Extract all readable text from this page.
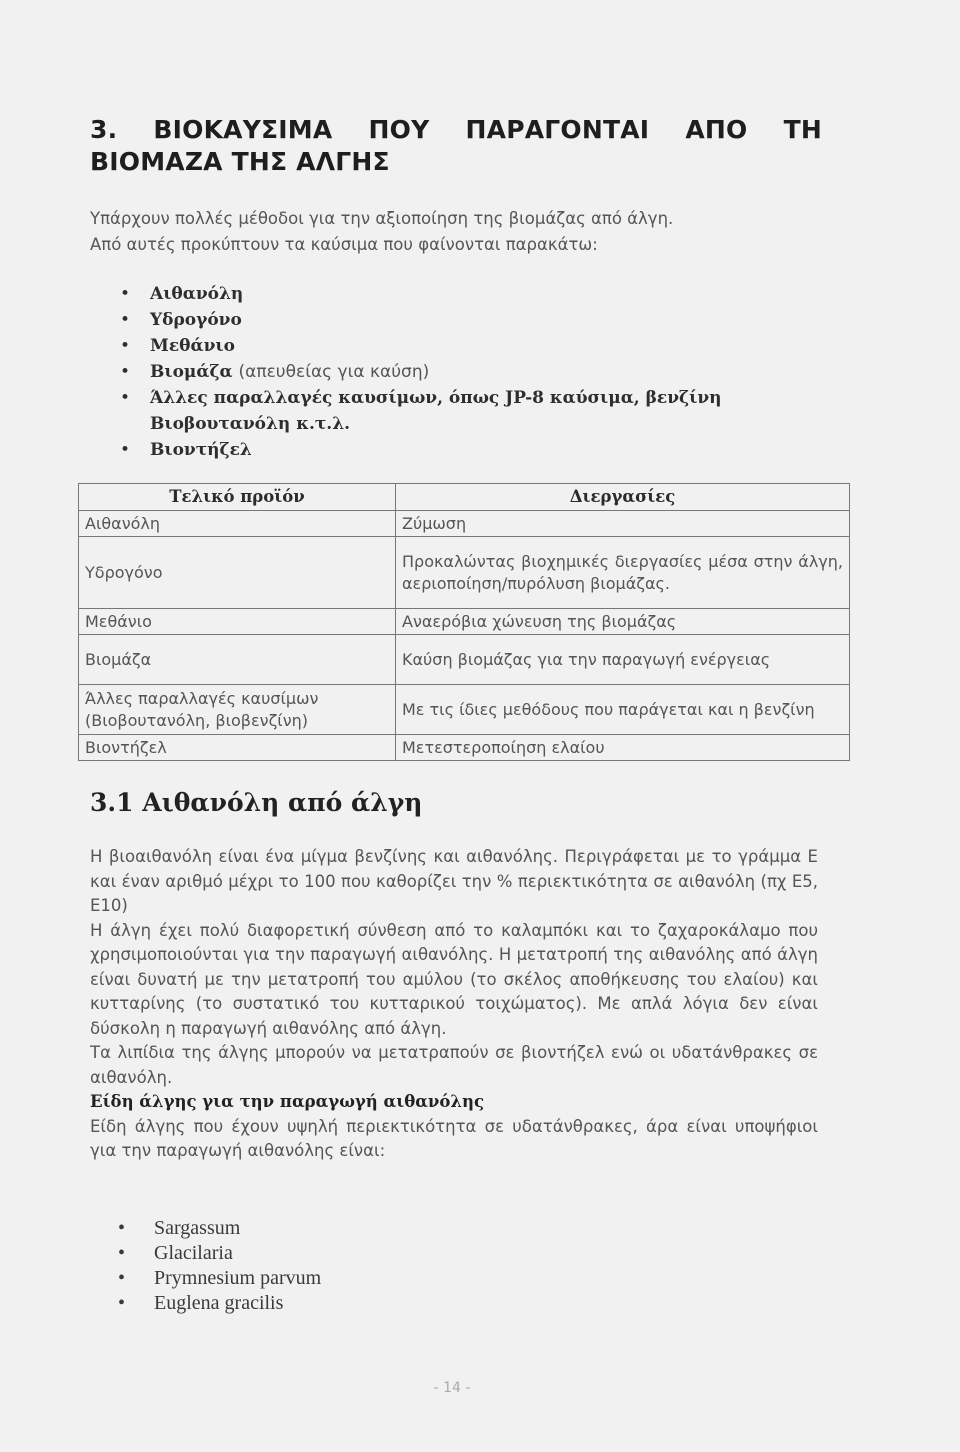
3. ΒΙΟΚΑΥΣΙΜΑ ΠΟΥ ΠΑΡΑΓΟΝΤΑΙ ΑΠΟ ΤΗ ΒΙΟΜΑΖΑ ΤΗΣ ΑΛΓΗΣ
Υπάρχουν πολλές μέθοδοι για την αξιοποίηση της βιομάζας από άλγη.
Από αυτές προκύπτουν τα καύσιμα που φαίνονται παρακάτω:
• Αιθανόλη
• Υδρογόνο
• Μεθάνιο
• Βιομάζα (απευθείας για καύση)
• Άλλες παραλλαγές καυσίμων, όπως JP-8 καύσιμα, βενζίνη
Βιοβουτανόλη κ.τ.λ.
• Βιοντήζελ
Τελικό προϊόν	Διεργασίες
Αιθανόλη	Ζύμωση
Υδρογόνο	Προκαλώντας βιοχημικές διεργασίες μέσα στην άλγη, αεριοποίηση/πυρόλυση βιομάζας.
Μεθάνιο	Αναερόβια χώνευση της βιομάζας
Βιομάζα	Καύση βιομάζας για την παραγωγή ενέργειας
Άλλες παραλλαγές καυσίμων (Βιοβουτανόλη, βιοβενζίνη)	Με τις ίδιες μεθόδους που παράγεται και η βενζίνη
Βιοντήζελ	Μετεστεροποίηση ελαίου
3.1 Αιθανόλη από άλγη

Η βιοαιθανόλη είναι ένα μίγμα βενζίνης και αιθανόλης. Περιγράφεται με το γράμμα Ε και έναν αριθμό μέχρι το 100 που καθορίζει την % περιεκτικότητα σε αιθανόλη (πχ Ε5, Ε10)

Η άλγη έχει πολύ διαφορετική σύνθεση από το καλαμπόκι και το ζαχαροκάλαμο που χρησιμοποιούνται για την παραγωγή αιθανόλης. Η μετατροπή της αιθανόλης από άλγη είναι δυνατή με την μετατροπή του αμύλου (το σκέλος αποθήκευσης του ελαίου) και κυτταρίνης (το συστατικό του κυτταρικού τοιχώματος). Με απλά λόγια δεν είναι δύσκολη η παραγωγή αιθανόλης από άλγη.

Τα λιπίδια της άλγης μπορούν να μετατραπούν σε βιοντήζελ ενώ οι υδατάνθρακες σε αιθανόλη.

Είδη άλγης για την παραγωγή αιθανόλης

Είδη άλγης που έχουν υψηλή περιεκτικότητα σε υδατάνθρακες, άρα είναι υποψήφιοι για την παραγωγή αιθανόλης είναι:

• Sargassum
• Glacilaria
• Prymnesium parvum
• Euglena gracilis
- 14 -
